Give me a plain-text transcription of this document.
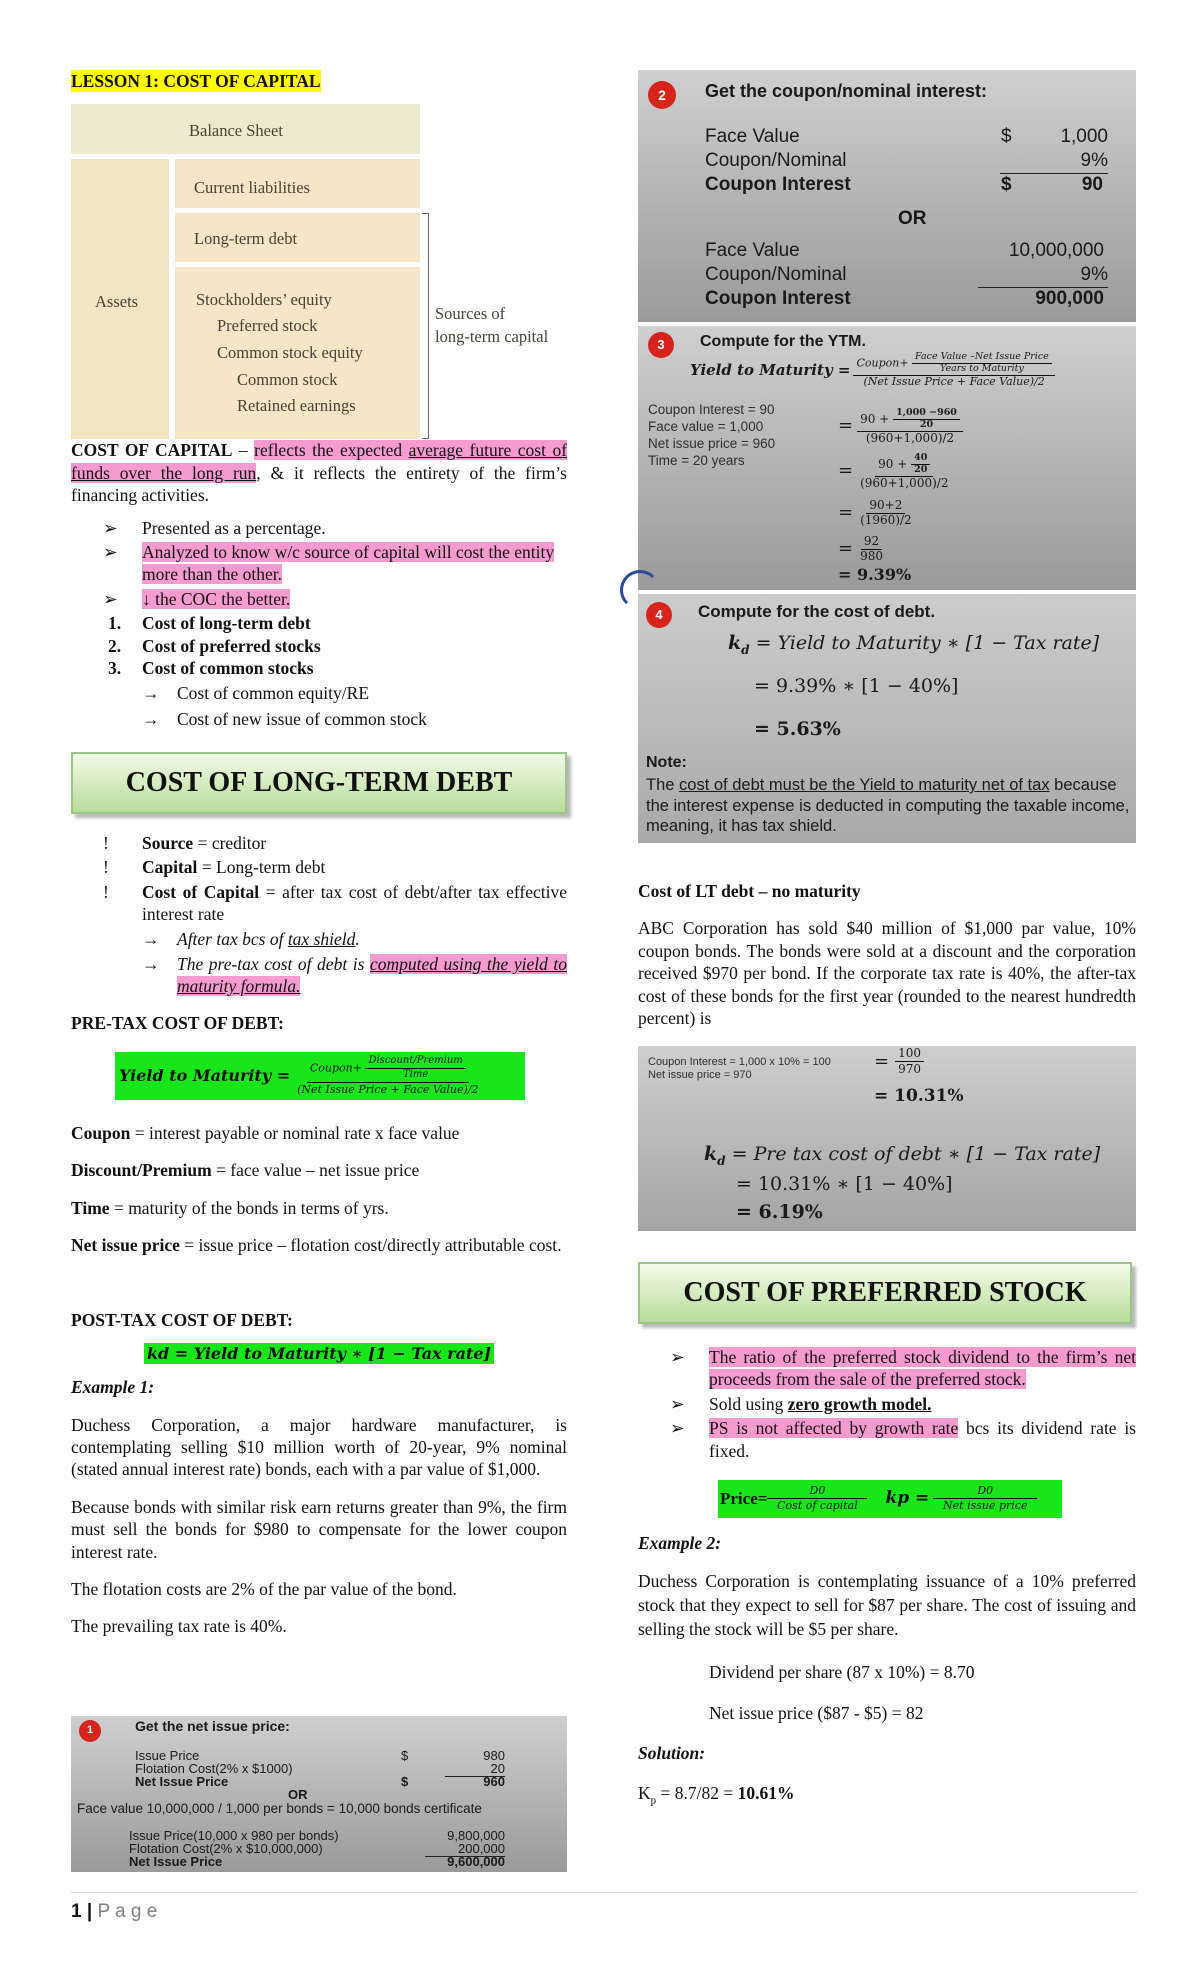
LESSON 1: COST OF CAPITAL
Balance Sheet
Assets
Current liabilities
Long-term debt
Stockholders’ equity
Preferred stock
Common stock equity
Common stock
Retained earnings
Sources of
long-term capital

COST OF CAPITAL – reflects the expected average future cost of funds over the long run, & it reflects the entirety of the firm’s financing activities.

➢ Presented as a percentage.
➢ Analyzed to know w/c source of capital will cost the entity more than the other.
➢ ↓ the COC the better.
1. Cost of long-term debt
2. Cost of preferred stocks
3. Cost of common stocks
→ Cost of common equity/RE
→ Cost of new issue of common stock
COST OF LONG-TERM DEBT
! Source = creditor
! Capital = Long-term debt
! Cost of Capital = after tax cost of debt/after tax effective interest rate
→ After tax bcs of tax shield.
→ The pre-tax cost of debt is computed using the yield to maturity formula.

PRE-TAX COST OF DEBT:

Yield to Maturity = $\frac{Coupon+ \frac{\text{Discount/Premium}}{\text{Time}}}{\text{(Net Issue Price + Face Value)/2}}$

Coupon = interest payable or nominal rate x face value

Discount/Premium = face value – net issue price

Time = maturity of the bonds in terms of yrs.

Net issue price = issue price – flotation cost/directly attributable cost.

POST-TAX COST OF DEBT:

kd = Yield to Maturity ∗ [1 − Tax rate]

Example 1:

Duchess Corporation, a major hardware manufacturer, is contemplating selling $10 million worth of 20-year, 9% nominal (stated annual interest rate) bonds, each with a par value of $1,000.

Because bonds with similar risk earn returns greater than 9%, the firm must sell the bonds for $980 to compensate for the lower coupon interest rate.

The flotation costs are 2% of the par value of the bond.

The prevailing tax rate is 40%.

1	Get the net issue price:
Issue Price	$	980
Flotation Cost(2% x $1000)	20
Net Issue Price	$	960
OR
Face value 10,000,000 / 1,000 per bonds = 10,000 bonds certificate
Issue Price(10,000 x 980 per bonds)	9,800,000
Flotation Cost(2% x $10,000,000)	200,000
Net Issue Price	9,600,000
2	Get the coupon/nominal interest:
Face Value	$	1,000
Coupon/Nominal	9%
Coupon Interest	$	90
OR
Face Value	10,000,000
Coupon/Nominal	9%
Coupon Interest	900,000
3	Compute for the YTM.
Yield to Maturity = $\frac{Coupon+ \frac{\text{Face Value –Net Issue Price}}{\text{Years to Maturity}}}{\text{(Net Issue Price + Face Value)/2}}$
Coupon Interest = 90
Face value = 1,000
Net issue price = 960
Time = 20 years
= $\frac{90 + \frac{1,000 -960}{20}}{(960+1,000)/2}$
= $\frac{90 + \frac{40}{20}}{(960+1,000)/2}$
= $\frac{90+2}{(1960)/2}$
= $\frac{92}{980}$
= 9.39%
4	Compute for the cost of debt.
$k_d$ = Yield to Maturity ∗ [1 − Tax rate]
= 9.39% ∗ [1 − 40%]
= 5.63%
Note:
The cost of debt must be the Yield to maturity net of tax because the interest expense is deducted in computing the taxable income, meaning, it has tax shield.

Cost of LT debt – no maturity

ABC Corporation has sold $40 million of $1,000 par value, 10% coupon bonds. The bonds were sold at a discount and the corporation received $970 per bond. If the corporate tax rate is 40%, the after-tax cost of these bonds for the first year (rounded to the nearest hundredth percent) is

Coupon Interest = 1,000 x 10% = 100
Net issue price = 970
= $\frac{100}{970}$
= 10.31%
$k_d$ = Pre tax cost of debt ∗ [1 − Tax rate]
= 10.31% ∗ [1 − 40%]
= 6.19%
COST OF PREFERRED STOCK
➢ The ratio of the preferred stock dividend to the firm’s net proceeds from the sale of the preferred stock.
➢ Sold using zero growth model.
➢ PS is not affected by growth rate bcs its dividend rate is fixed.
Price= $\frac{D0}{\text{Cost of capital}}$ kp = $\frac{D0}{\text{Net issue price}}$

Example 2:

Duchess Corporation is contemplating issuance of a 10% preferred stock that they expect to sell for $87 per share. The cost of issuing and selling the stock will be $5 per share.

Dividend per share (87 x 10%) = 8.70

Net issue price ($87 - $5) = 82

Solution:

$K_p = 8.7/82 = 10.61\%$

1 | P a g e
